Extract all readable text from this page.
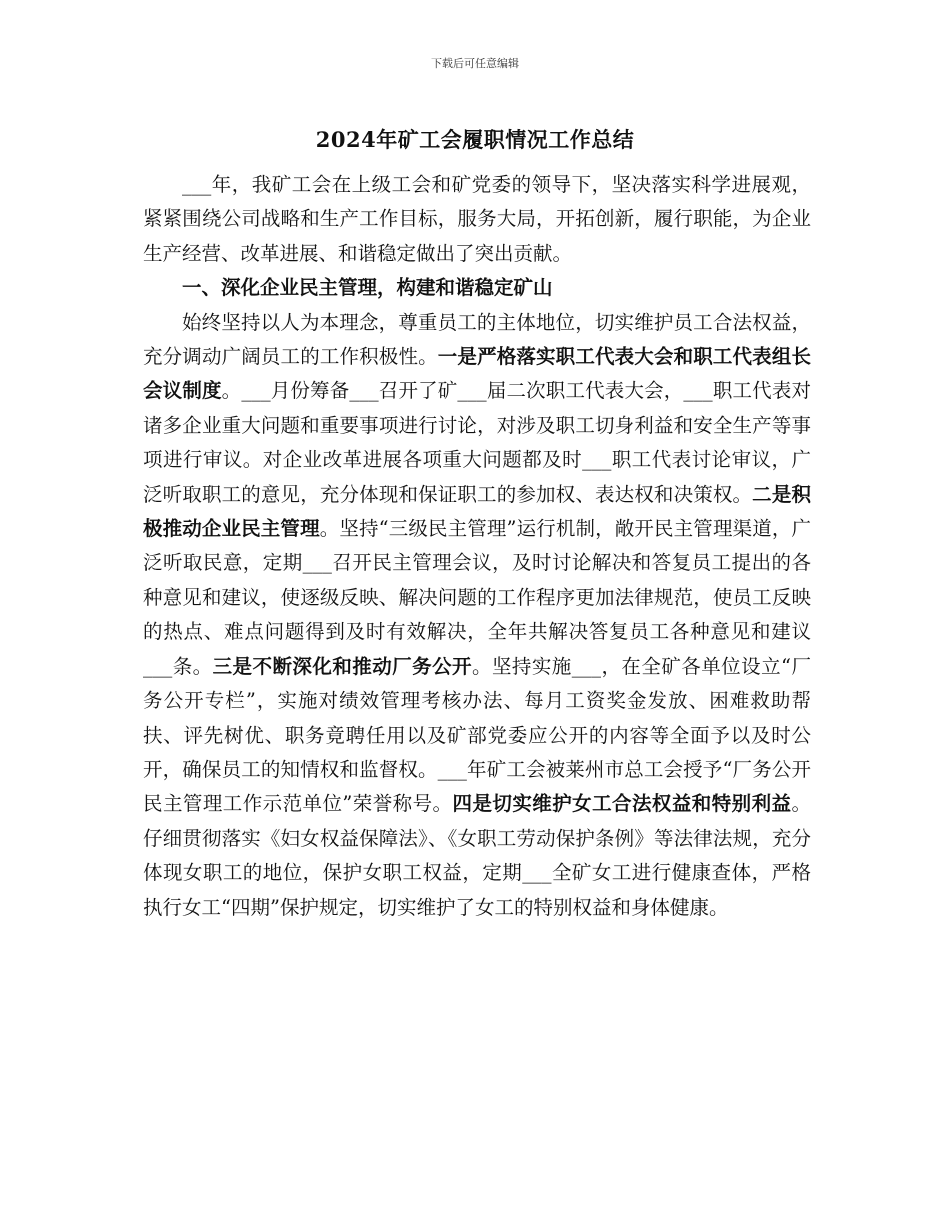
下载后可任意编辑
2024年矿工会履职情况工作总结

___年，我矿工会在上级工会和矿党委的领导下，坚决落实科学进展观，紧紧围绕公司战略和生产工作目标，服务大局，开拓创新，履行职能，为企业生产经营、改革进展、和谐稳定做出了突出贡献。

一、深化企业民主管理，构建和谐稳定矿山

始终坚持以人为本理念，尊重员工的主体地位，切实维护员工合法权益，充分调动广阔员工的工作积极性。一是严格落实职工代表大会和职工代表组长会议制度。___月份筹备___召开了矿___届二次职工代表大会，___职工代表对诸多企业重大问题和重要事项进行讨论，对涉及职工切身利益和安全生产等事项进行审议。对企业改革进展各项重大问题都及时___职工代表讨论审议，广泛听取职工的意见，充分体现和保证职工的参加权、表达权和决策权。二是积极推动企业民主管理。坚持“三级民主管理”运行机制，敞开民主管理渠道，广泛听取民意，定期___召开民主管理会议，及时讨论解决和答复员工提出的各种意见和建议，使逐级反映、解决问题的工作程序更加法律规范，使员工反映的热点、难点问题得到及时有效解决，全年共解决答复员工各种意见和建议___条。三是不断深化和推动厂务公开。坚持实施___，在全矿各单位设立“厂务公开专栏”，实施对绩效管理考核办法、每月工资奖金发放、困难救助帮扶、评先树优、职务竟聘任用以及矿部党委应公开的内容等全面予以及时公开，确保员工的知情权和监督权。___年矿工会被莱州市总工会授予“厂务公开民主管理工作示范单位”荣誉称号。四是切实维护女工合法权益和特别利益。仔细贯彻落实《妇女权益保障法》、《女职工劳动保护条例》等法律法规，充分体现女职工的地位，保护女职工权益，定期___全矿女工进行健康查体，严格执行女工“四期”保护规定，切实维护了女工的特别权益和身体健康。
